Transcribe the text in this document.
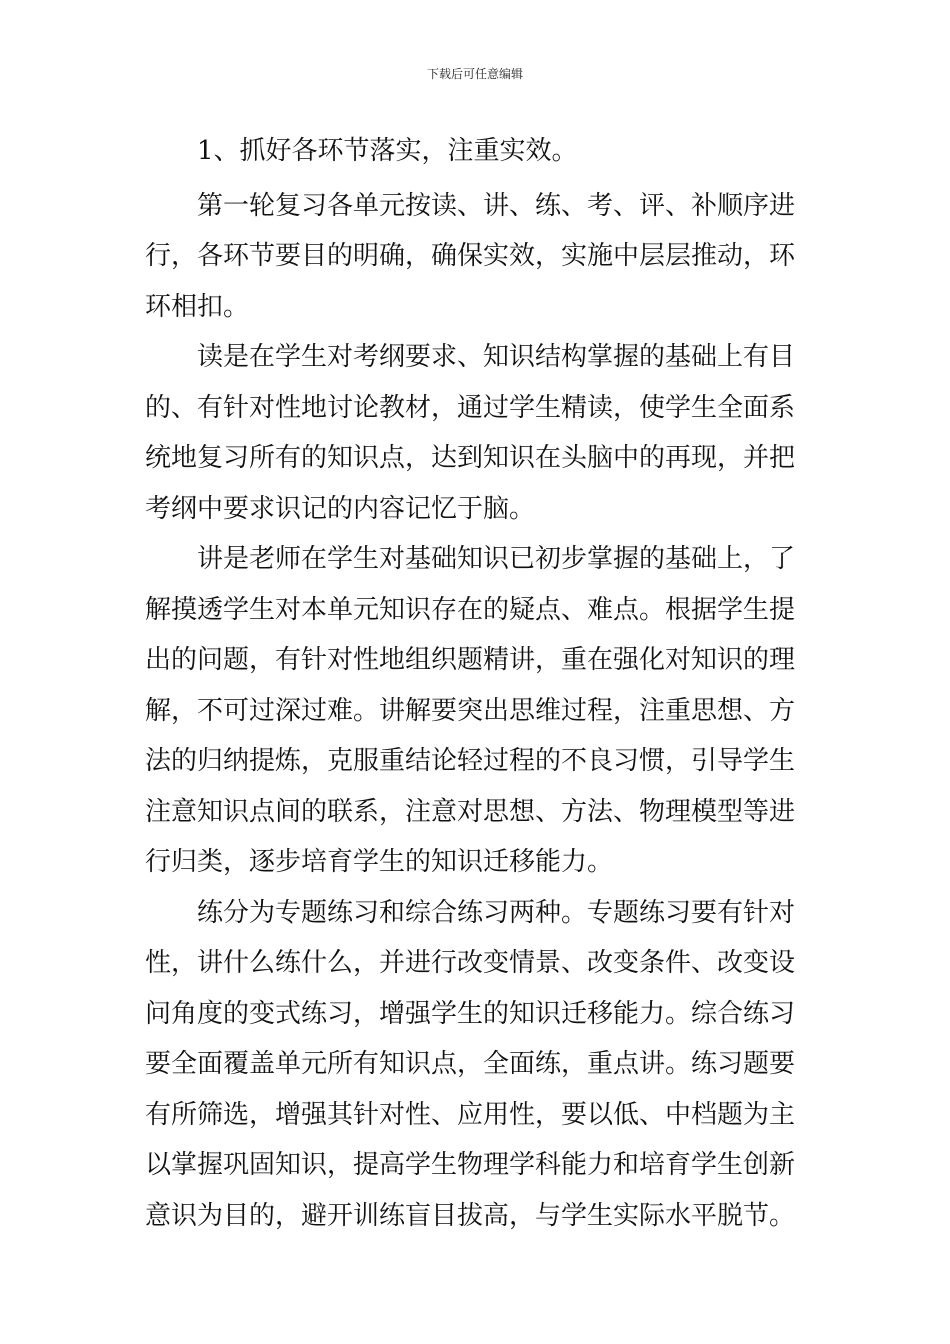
下载后可任意编辑
　　1、抓好各环节落实，注重实效。
　　第一轮复习各单元按读、讲、练、考、评、补顺序进
行，各环节要目的明确，确保实效，实施中层层推动，环
环相扣。
　　读是在学生对考纲要求、知识结构掌握的基础上有目
的、有针对性地讨论教材，通过学生精读，使学生全面系
统地复习所有的知识点，达到知识在头脑中的再现，并把
考纲中要求识记的内容记忆于脑。
　　讲是老师在学生对基础知识已初步掌握的基础上，了
解摸透学生对本单元知识存在的疑点、难点。根据学生提
出的问题，有针对性地组织题精讲，重在强化对知识的理
解，不可过深过难。讲解要突出思维过程，注重思想、方
法的归纳提炼，克服重结论轻过程的不良习惯，引导学生
注意知识点间的联系，注意对思想、方法、物理模型等进
行归类，逐步培育学生的知识迁移能力。
　　练分为专题练习和综合练习两种。专题练习要有针对
性，讲什么练什么，并进行改变情景、改变条件、改变设
问角度的变式练习，增强学生的知识迁移能力。综合练习
要全面覆盖单元所有知识点，全面练，重点讲。练习题要
有所筛选，增强其针对性、应用性，要以低、中档题为主
以掌握巩固知识，提高学生物理学科能力和培育学生创新
意识为目的，避开训练盲目拔高，与学生实际水平脱节。
